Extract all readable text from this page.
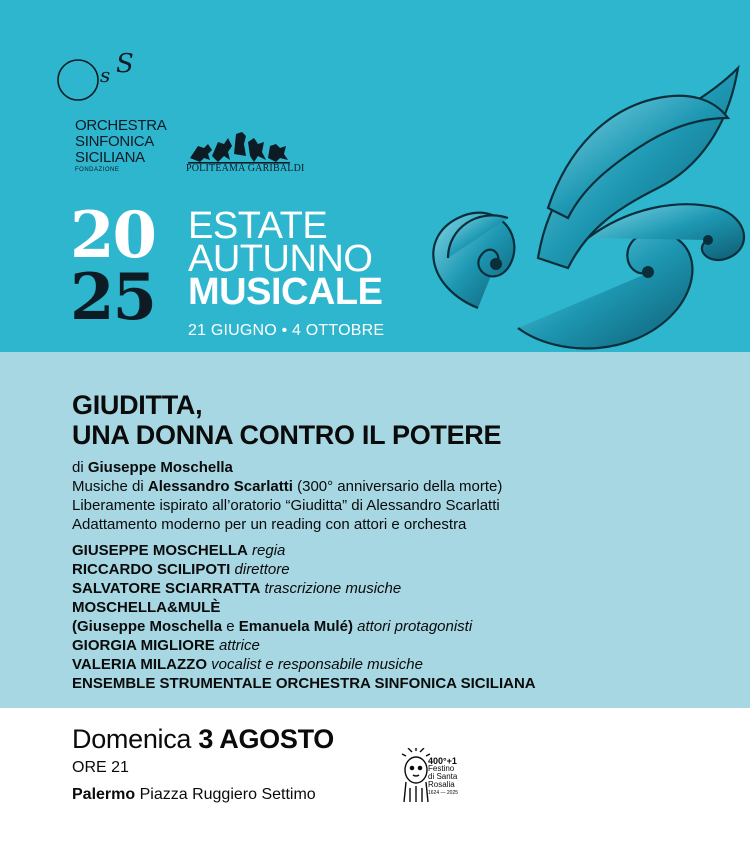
s S
ORCHESTRA
SINFONICA
SICILIANA
FONDAZIONE	POLITEAMA GARIBALDI
20
25
ESTATE
AUTUNNO
MUSICALE
21 GIUGNO • 4 OTTOBRE
GIUDITTA,
UNA DONNA CONTRO IL POTERE
di Giuseppe Moschella
Musiche di Alessandro Scarlatti (300° anniversario della morte)
Liberamente ispirato all’oratorio “Giuditta” di Alessandro Scarlatti
Adattamento moderno per un reading con attori e orchestra
GIUSEPPE MOSCHELLA regia
RICCARDO SCILIPOTI direttore
SALVATORE SCIARRATTA trascrizione musiche
MOSCHELLA&MULÈ
(Giuseppe Moschella e Emanuela Mulé) attori protagonisti
GIORGIA MIGLIORE attrice
VALERIA MILAZZO vocalist e responsabile musiche
ENSEMBLE STRUMENTALE ORCHESTRA SINFONICA SICILIANA
Domenica 3 AGOSTO
ORE 21
Palermo Piazza Ruggiero Settimo
400°+1
Festino
di Santa
Rosalia
1624 — 2025
